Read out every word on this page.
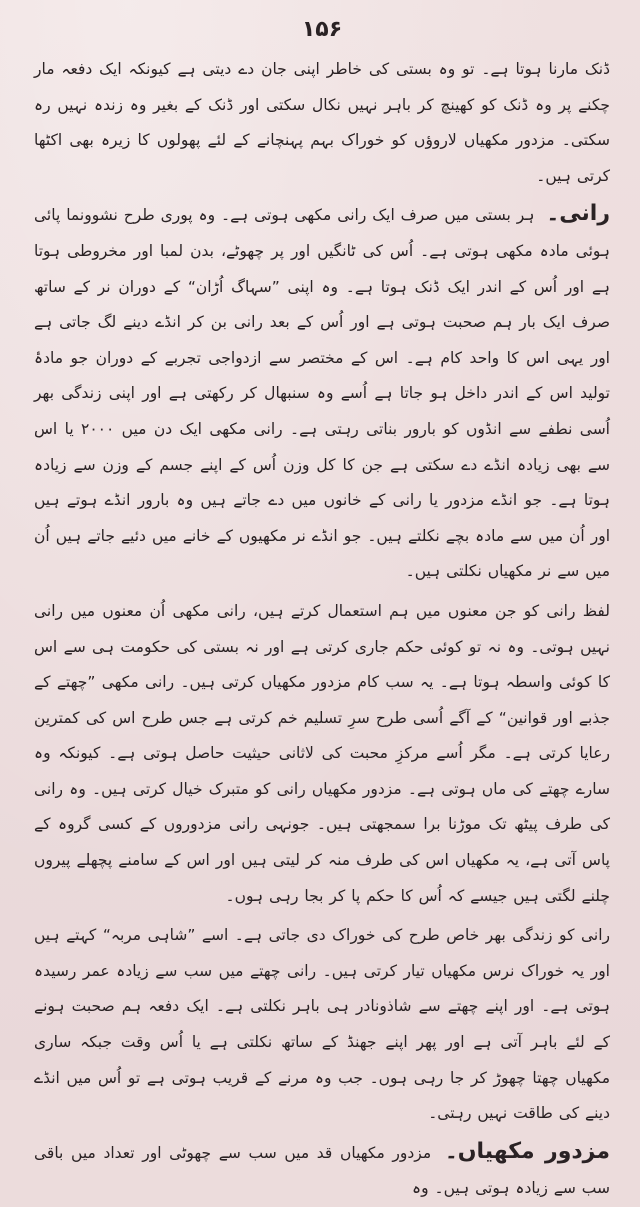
۱۵۶

ڈنک مارنا ہوتا ہے۔ تو وہ بستی کی خاطر اپنی جان دے دیتی ہے کیونکہ ایک دفعہ مار چکنے پر وہ ڈنک کو کھینچ کر باہر نہیں نکال سکتی اور ڈنک کے بغیر وہ زندہ نہیں رہ سکتی۔ مزدور مکھیاں لاروؤں کو خوراک بہم پہنچانے کے لئے پھولوں کا زیرہ بھی اکٹھا کرتی ہیں۔

رانی۔ ہر بستی میں صرف ایک رانی مکھی ہوتی ہے۔ وہ پوری طرح نشوونما پائی ہوئی مادہ مکھی ہوتی ہے۔ اُس کی ٹانگیں اور پر چھوٹے، بدن لمبا اور مخروطی ہوتا ہے اور اُس کے اندر ایک ڈنک ہوتا ہے۔ وہ اپنی ”سہاگ اُڑان“ کے دوران نر کے ساتھ صرف ایک بار ہم صحبت ہوتی ہے اور اُس کے بعد رانی بن کر انڈے دینے لگ جاتی ہے اور یہی اس کا واحد کام ہے۔ اس کے مختصر سے ازدواجی تجربے کے دوران جو مادۂ تولید اس کے اندر داخل ہو جاتا ہے اُسے وہ سنبھال کر رکھتی ہے اور اپنی زندگی بھر اُسی نطفے سے انڈوں کو بارور بناتی رہتی ہے۔ رانی مکھی ایک دن میں ۲۰۰۰ یا اس سے بھی زیادہ انڈے دے سکتی ہے جن کا کل وزن اُس کے اپنے جسم کے وزن سے زیادہ ہوتا ہے۔ جو انڈے مزدور یا رانی کے خانوں میں دے جاتے ہیں وہ بارور انڈے ہوتے ہیں اور اُن میں سے مادہ بچے نکلتے ہیں۔ جو انڈے نر مکھیوں کے خانے میں دئیے جاتے ہیں اُن میں سے نر مکھیاں نکلتی ہیں۔

لفظ رانی کو جن معنوں میں ہم استعمال کرتے ہیں، رانی مکھی اُن معنوں میں رانی نہیں ہوتی۔ وہ نہ تو کوئی حکم جاری کرتی ہے اور نہ بستی کی حکومت ہی سے اس کا کوئی واسطہ ہوتا ہے۔ یہ سب کام مزدور مکھیاں کرتی ہیں۔ رانی مکھی ”چھتے کے جذبے اور قوانین“ کے آگے اُسی طرح سرِ تسلیم خم کرتی ہے جس طرح اس کی کمترین رعایا کرتی ہے۔ مگر اُسے مرکزِ محبت کی لاثانی حیثیت حاصل ہوتی ہے۔ کیونکہ وہ سارے چھتے کی ماں ہوتی ہے۔ مزدور مکھیاں رانی کو متبرک خیال کرتی ہیں۔ وہ رانی کی طرف پیٹھ تک موڑنا برا سمجھتی ہیں۔ جونہی رانی مزدوروں کے کسی گروہ کے پاس آتی ہے، یہ مکھیاں اس کی طرف منہ کر لیتی ہیں اور اس کے سامنے پچھلے پیروں چلنے لگتی ہیں جیسے کہ اُس کا حکم پا کر بجا رہی ہوں۔

رانی کو زندگی بھر خاص طرح کی خوراک دی جاتی ہے۔ اسے ”شاہی مربہ“ کہتے ہیں اور یہ خوراک نرس مکھیاں تیار کرتی ہیں۔ رانی چھتے میں سب سے زیادہ عمر رسیدہ ہوتی ہے۔ اور اپنے چھتے سے شاذونادر ہی باہر نکلتی ہے۔ ایک دفعہ ہم صحبت ہونے کے لئے باہر آتی ہے اور پھر اپنے جھنڈ کے ساتھ نکلتی ہے یا اُس وقت جبکہ ساری مکھیاں چھتا چھوڑ کر جا رہی ہوں۔ جب وہ مرنے کے قریب ہوتی ہے تو اُس میں انڈے دینے کی طاقت نہیں رہتی۔

مزدور مکھیاں۔ مزدور مکھیاں قد میں سب سے چھوٹی اور تعداد میں باقی سب سے زیادہ ہوتی ہیں۔ وہ
